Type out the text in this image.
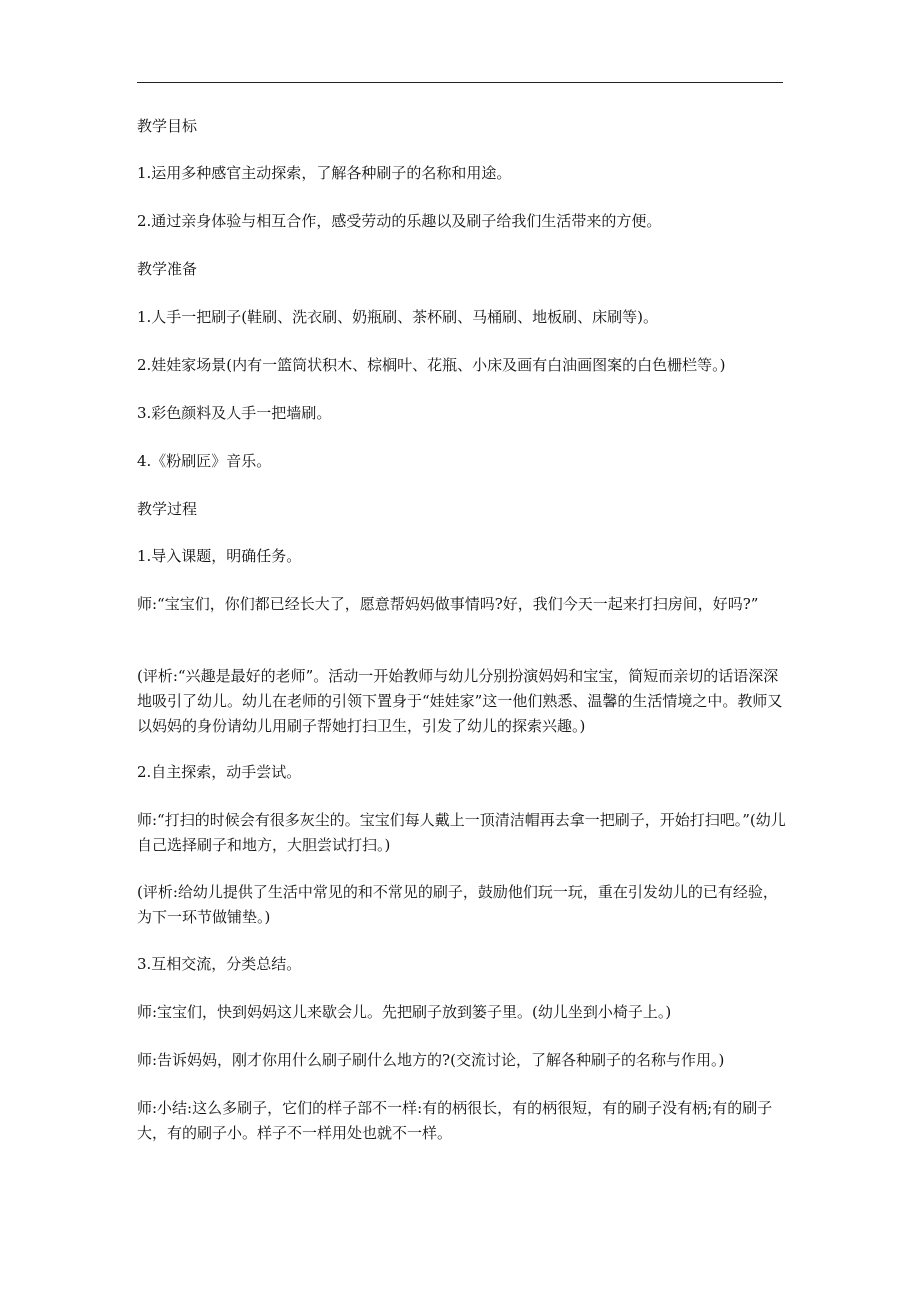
教学目标

1.运用多种感官主动探索，了解各种刷子的名称和用途。

2.通过亲身体验与相互合作，感受劳动的乐趣以及刷子给我们生活带来的方便。

教学准备

1.人手一把刷子(鞋刷、洗衣刷、奶瓶刷、茶杯刷、马桶刷、地板刷、床刷等)。

2.娃娃家场景(内有一篮筒状积木、棕榈叶、花瓶、小床及画有白油画图案的白色栅栏等。)

3.彩色颜料及人手一把墙刷。

4.《粉刷匠》音乐。

教学过程

1.导入课题，明确任务。

师:“宝宝们，你们都已经长大了，愿意帮妈妈做事情吗?好，我们今天一起来打扫房间，好吗?”

(评析:“兴趣是最好的老师”。活动一开始教师与幼儿分别扮演妈妈和宝宝，简短而亲切的话语深深地吸引了幼儿。幼儿在老师的引领下置身于“娃娃家”这一他们熟悉、温馨的生活情境之中。教师又以妈妈的身份请幼儿用刷子帮她打扫卫生，引发了幼儿的探索兴趣。)

2.自主探索，动手尝试。

师:“打扫的时候会有很多灰尘的。宝宝们每人戴上一顶清洁帽再去拿一把刷子，开始打扫吧。”(幼儿自己选择刷子和地方，大胆尝试打扫。)

(评析:给幼儿提供了生活中常见的和不常见的刷子，鼓励他们玩一玩，重在引发幼儿的已有经验，为下一环节做铺垫。)

3.互相交流，分类总结。

师:宝宝们，快到妈妈这儿来歇会儿。先把刷子放到篓子里。(幼儿坐到小椅子上。)

师:告诉妈妈，刚才你用什么刷子刷什么地方的?(交流讨论，了解各种刷子的名称与作用。)

师:小结:这么多刷子，它们的样子部不一样:有的柄很长，有的柄很短，有的刷子没有柄;有的刷子大，有的刷子小。样子不一样用处也就不一样。
